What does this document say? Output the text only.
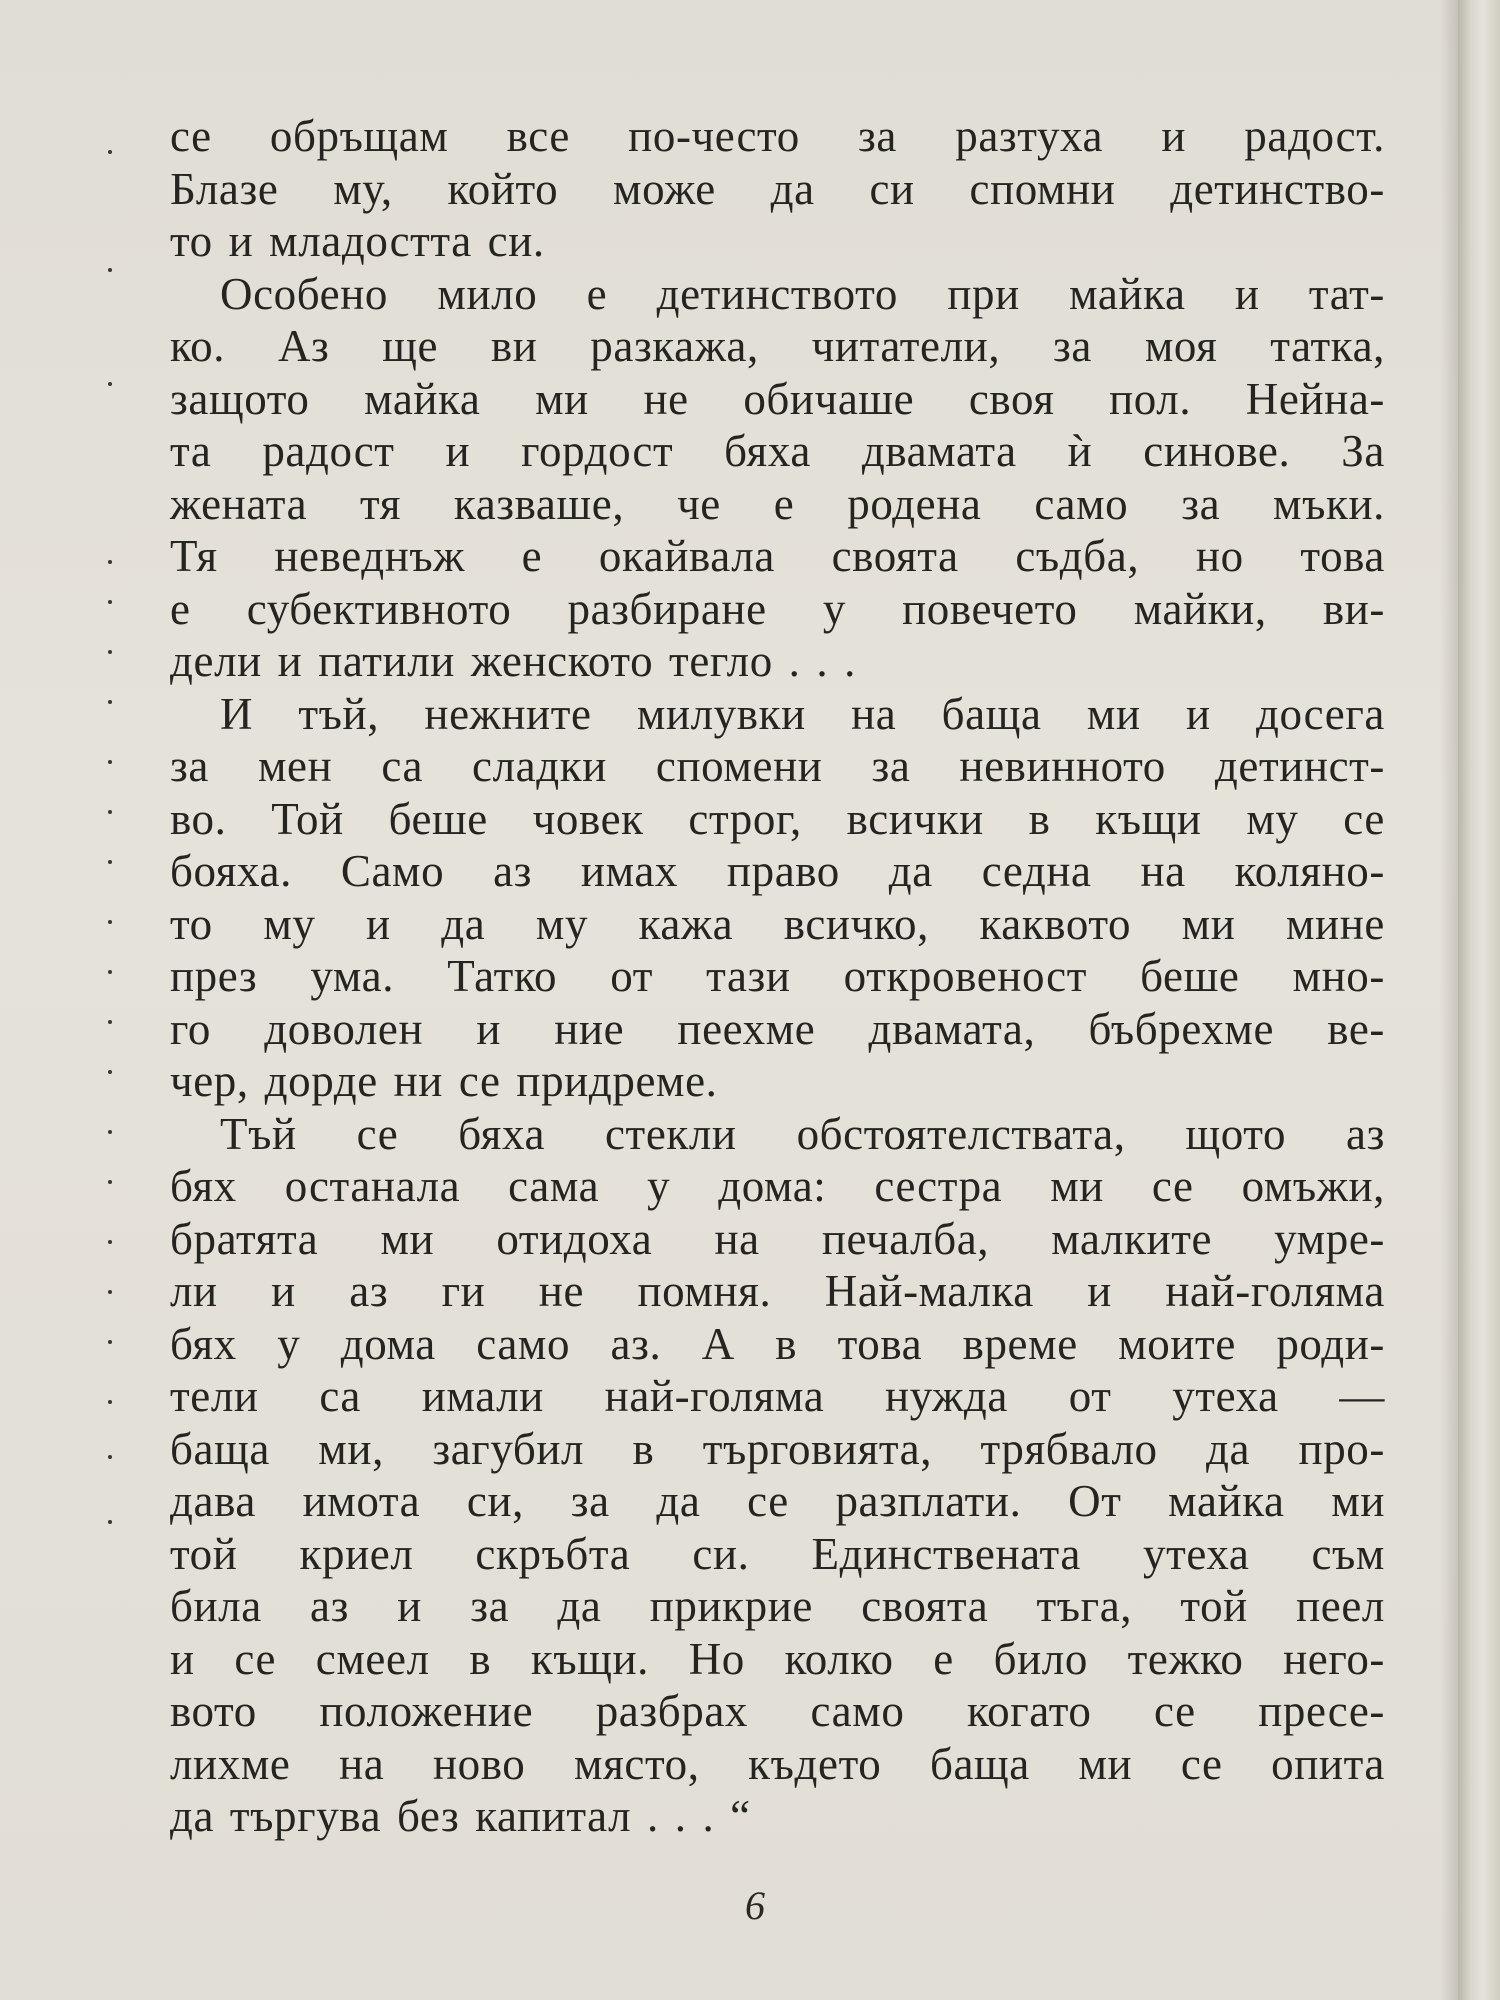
се обръщам все по-често за разтуха и радост.
Блазе му, който може да си спомни детинство-
то и младостта си.
Особено мило е детинството при майка и тат-
ко. Аз ще ви разкажа, читатели, за моя татка,
защото майка ми не обичаше своя пол. Нейна-
та радост и гордост бяха двамата ѝ синове. За
жената тя казваше, че е родена само за мъки.
Тя неведнъж е окайвала своята съдба, но това
е субективното разбиране у повечето майки, ви-
дели и патили женското тегло . . .
И тъй, нежните милувки на баща ми и досега
за мен са сладки спомени за невинното детинст-
во. Той беше човек строг, всички в къщи му се
бояха. Само аз имах право да седна на коляно-
то му и да му кажа всичко, каквото ми мине
през ума. Татко от тази откровеност беше мно-
го доволен и ние пеехме двамата, бъбрехме ве-
чер, дорде ни се придреме.
Тъй се бяха стекли обстоятелствата, щото аз
бях останала сама у дома: сестра ми се омъжи,
братята ми отидоха на печалба, малките умре-
ли и аз ги не помня. Най-малка и най-голяма
бях у дома само аз. А в това време моите роди-
тели са имали най-голяма нужда от утеха —
баща ми, загубил в търговията, трябвало да про-
дава имота си, за да се разплати. От майка ми
той криел скръбта си. Единствената утеха съм
била аз и за да прикрие своята тъга, той пеел
и се смеел в къщи. Но колко е било тежко него-
вото положение разбрах само когато се пресе-
лихме на ново място, където баща ми се опита
да търгува без капитал . . . “
6
